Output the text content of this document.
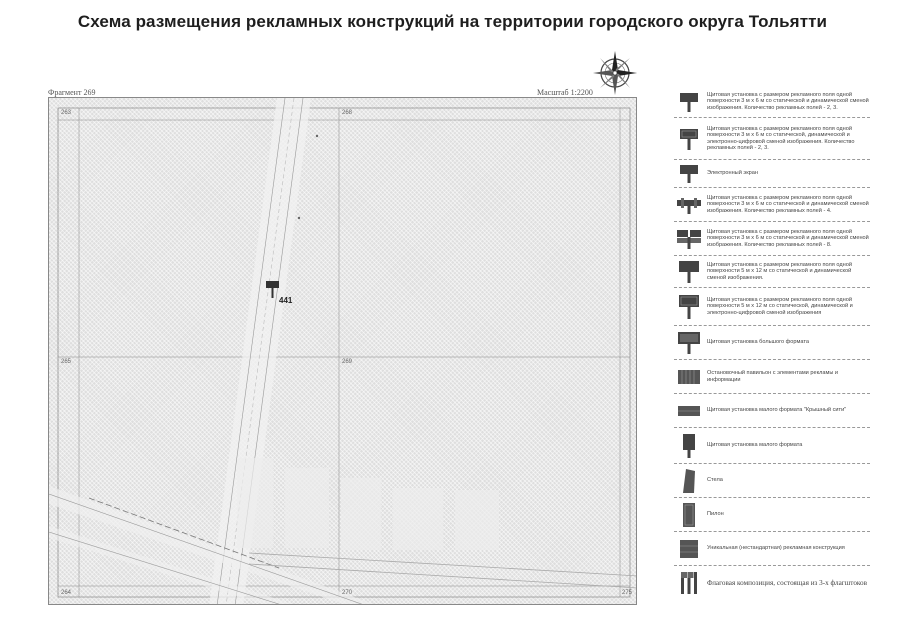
Схема размещения рекламных конструкций на территории городского округа Тольятти
Фрагмент 269	Масштаб 1:2200
263	268
265	269
264	270	275
441
Щитовая установка с размером рекламного поля одной поверхности 3 м х 6 м со статической и динамической сменой изображения. Количество рекламных полей - 2, 3.
Щитовая установка с размером рекламного поля одной поверхности 3 м х 6 м со статической, динамической и электронно-цифровой сменой изображения. Количество рекламных полей - 2, 3.
Электронный экран
Щитовая установка с размером рекламного поля одной поверхности 3 м х 6 м со статической и динамической сменой изображения. Количество рекламных полей - 4.
Щитовая установка с размером рекламного поля одной поверхности 3 м х 6 м со статической и динамической сменой изображения. Количество рекламных полей - 8.
Щитовая установка с размером рекламного поля одной поверхности 5 м х 12 м со статической и динамической сменой изображения.
Щитовая установка с размером рекламного поля одной поверхности 5 м х 12 м со статической, динамической и электронно-цифровой сменой изображения
Щитовая установка большого формата
Остановочный павильон с элементами рекламы и информации
Щитовая установка малого формата "Крышный сити"
Щитовая установка малого формата
Стела
Пилон
Уникальная (нестандартная) рекламная конструкция
Флаговая композиция, состоящая из 3-х флагштоков
